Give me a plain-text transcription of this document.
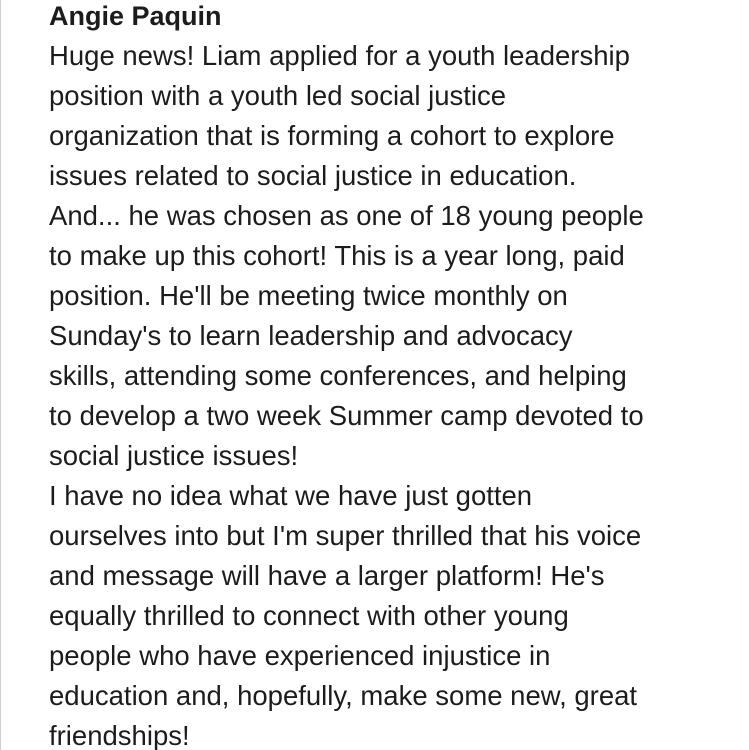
Angie Paquin
Huge news! Liam applied for a youth leadership
position with a youth led social justice
organization that is forming a cohort to explore
issues related to social justice in education.
And... he was chosen as one of 18 young people
to make up this cohort! This is a year long, paid
position. He'll be meeting twice monthly on
Sunday's to learn leadership and advocacy
skills, attending some conferences, and helping
to develop a two week Summer camp devoted to
social justice issues!
I have no idea what we have just gotten
ourselves into but I'm super thrilled that his voice
and message will have a larger platform! He's
equally thrilled to connect with other young
people who have experienced injustice in
education and, hopefully, make some new, great
friendships!
